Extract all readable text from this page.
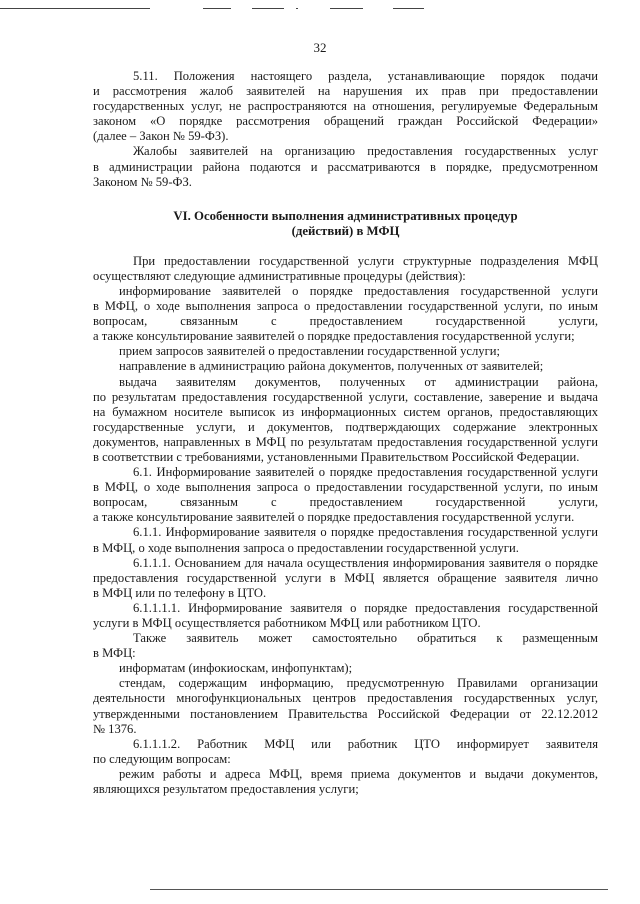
32

5.11. Положения настоящего раздела, устанавливающие порядок подачи

и рассмотрения жалоб заявителей на нарушения их прав при предоставлении

государственных услуг, не распространяются на отношения, регулируемые Федеральным

законом «О порядке рассмотрения обращений граждан Российской Федерации»

(далее – Закон № 59-ФЗ).

Жалобы заявителей на организацию предоставления государственных услуг

в администрации района подаются и рассматриваются в порядке, предусмотренном

Законом № 59-ФЗ.

VI. Особенности выполнения административных процедур

(действий) в МФЦ

При предоставлении государственной услуги структурные подразделения МФЦ

осуществляют следующие административные процедуры (действия):

информирование заявителей о порядке предоставления государственной услуги

в МФЦ, о ходе выполнения запроса о предоставлении государственной услуги, по иным

вопросам, связанным с предоставлением государственной услуги,

а также консультирование заявителей о порядке предоставления государственной услуги;

прием запросов заявителей о предоставлении государственной услуги;

направление в администрацию района документов, полученных от заявителей;

выдача заявителям документов, полученных от администрации района,

по результатам предоставления государственной услуги, составление, заверение и выдача

на бумажном носителе выписок из информационных систем органов, предоставляющих

государственные услуги, и документов, подтверждающих содержание электронных

документов, направленных в МФЦ по результатам предоставления государственной услуги

в соответствии с требованиями, установленными Правительством Российской Федерации.

6.1. Информирование заявителей о порядке предоставления государственной услуги

в МФЦ, о ходе выполнения запроса о предоставлении государственной услуги, по иным

вопросам, связанным с предоставлением государственной услуги,

а также консультирование заявителей о порядке предоставления государственной услуги.

6.1.1. Информирование заявителя о порядке предоставления государственной услуги

в МФЦ, о ходе выполнения запроса о предоставлении государственной услуги.

6.1.1.1. Основанием для начала осуществления информирования заявителя о порядке

предоставления государственной услуги в МФЦ является обращение заявителя лично

в МФЦ или по телефону в ЦТО.

6.1.1.1.1. Информирование заявителя о порядке предоставления государственной

услуги в МФЦ осуществляется работником МФЦ или работником ЦТО.

Также заявитель может самостоятельно обратиться к размещенным

в МФЦ:

информатам (инфокиоскам, инфопунктам);

стендам, содержащим информацию, предусмотренную Правилами организации

деятельности многофункциональных центров предоставления государственных услуг,

утвержденными постановлением Правительства Российской Федерации от 22.12.2012

№ 1376.

6.1.1.1.2. Работник МФЦ или работник ЦТО информирует заявителя

по следующим вопросам:

режим работы и адреса МФЦ, время приема документов и выдачи документов,

являющихся результатом предоставления услуги;
